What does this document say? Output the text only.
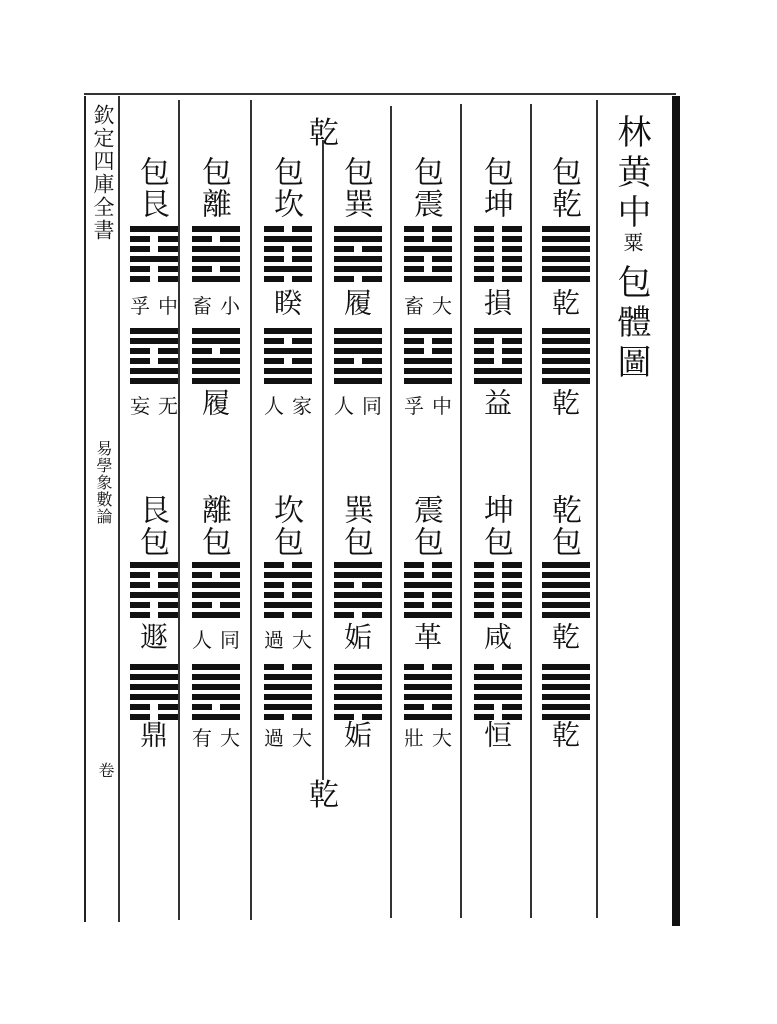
欽定四庫全書
易學象數論
卷
林黄中
粟
包體圖
乾
乾
包乾
乾
乾
乾包
乾
乾
包坤
損
益
坤包
咸
恒
包震
大
畜
中
孚
震包
革
大
壯
包巽
履
同
人
巽包
姤
姤
包坎
睽
家
人
坎包
大
過
大
過
包離
小
畜
履
離包
同
人
大
有
包艮
中
孚
无
妄
艮包
遯
鼎
